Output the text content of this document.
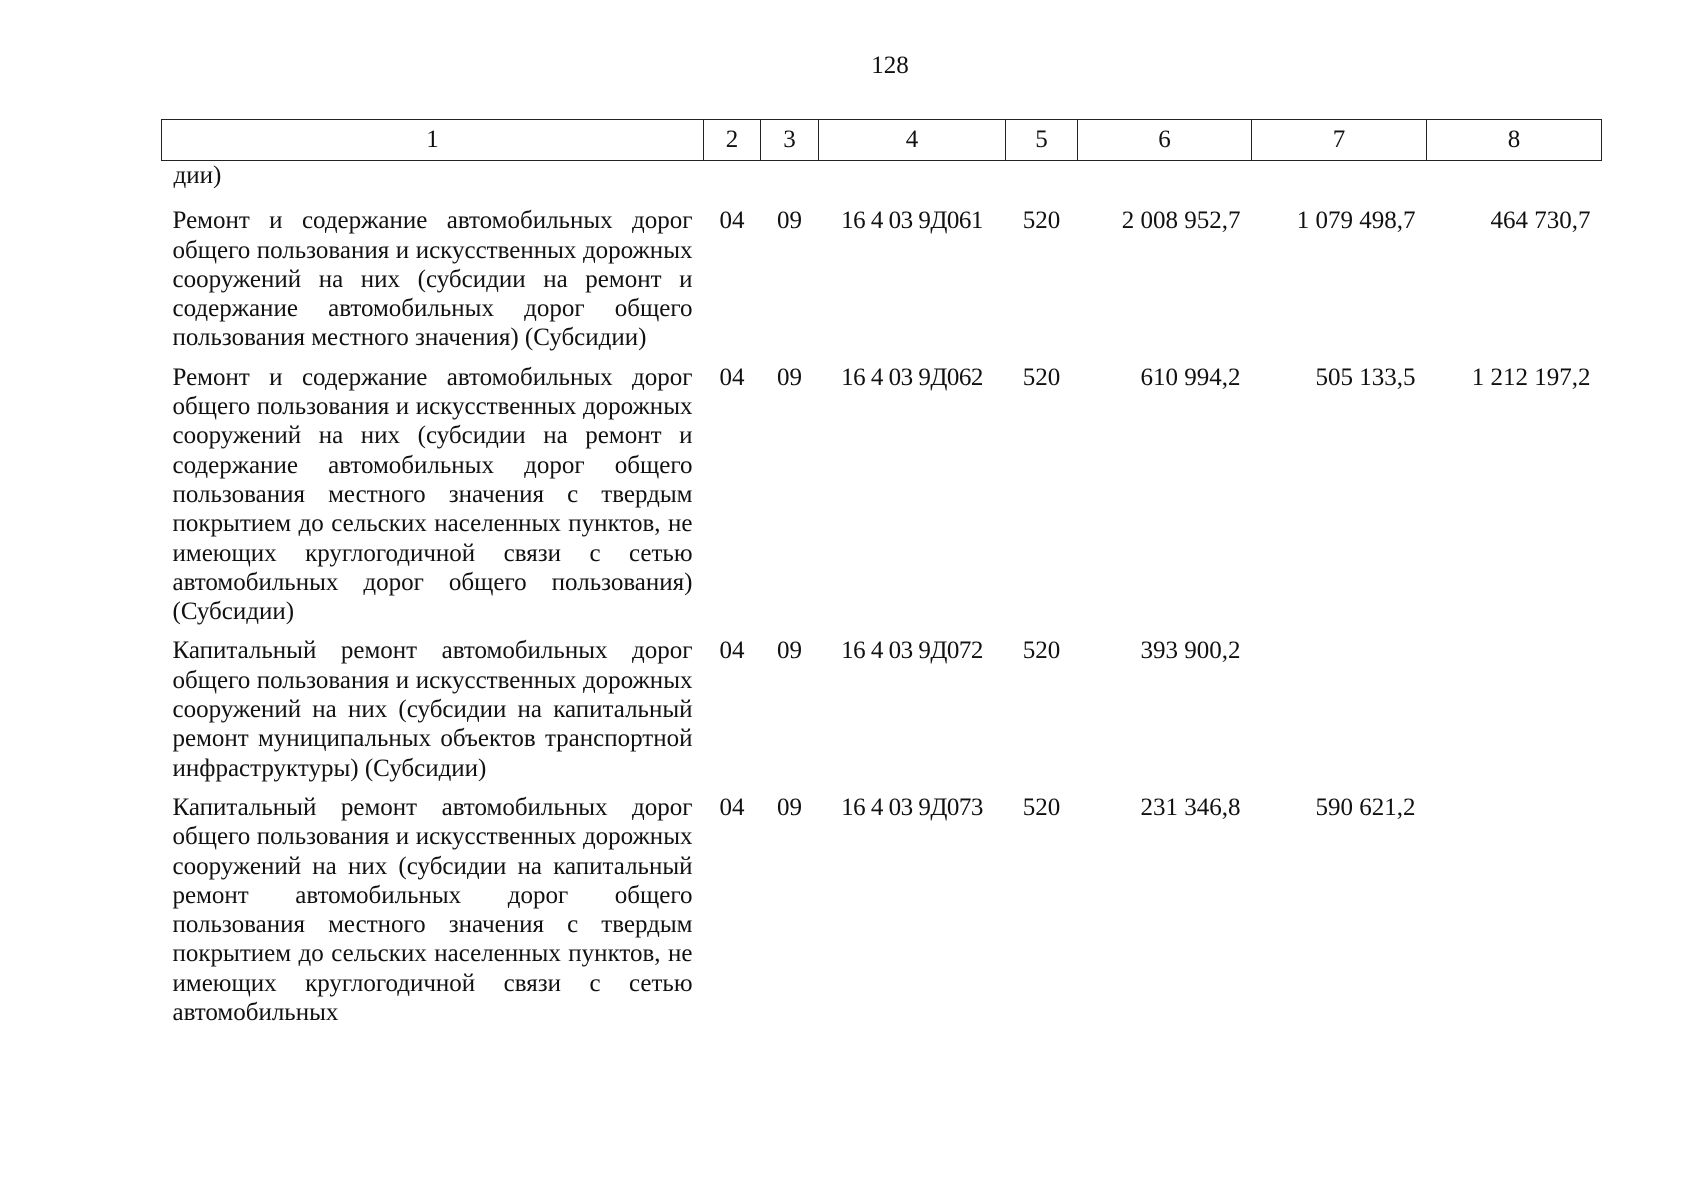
128
1	2	3	4	5	6	7	8
дии)							
Ремонт и содержание автомобильных дорог общего пользования и искусственных дорожных сооружений на них (субсидии на ремонт и содержание автомобильных дорог общего пользования местного значения) (Субсидии)	04	09	16 4 03 9Д061	520	2 008 952,7	1 079 498,7	464 730,7
Ремонт и содержание автомобильных дорог общего пользования и искусственных дорожных сооружений на них (субсидии на ремонт и содержание автомобильных дорог общего пользования местного значения с твердым покрытием до сельских населенных пунктов, не имеющих круглогодичной связи с сетью автомобильных дорог общего пользования) (Субсидии)	04	09	16 4 03 9Д062	520	610 994,2	505 133,5	1 212 197,2
Капитальный ремонт автомобильных дорог общего пользования и искусственных дорожных сооружений на них (субсидии на капитальный ремонт муниципальных объектов транспортной инфраструктуры) (Субсидии)	04	09	16 4 03 9Д072	520	393 900,2		
Капитальный ремонт автомобильных дорог общего пользования и искусственных дорожных сооружений на них (субсидии на капитальный ремонт автомобильных дорог общего пользования местного значения с твердым покрытием до сельских населенных пунктов, не имеющих круглогодичной связи с сетью автомобильных	04	09	16 4 03 9Д073	520	231 346,8	590 621,2	
